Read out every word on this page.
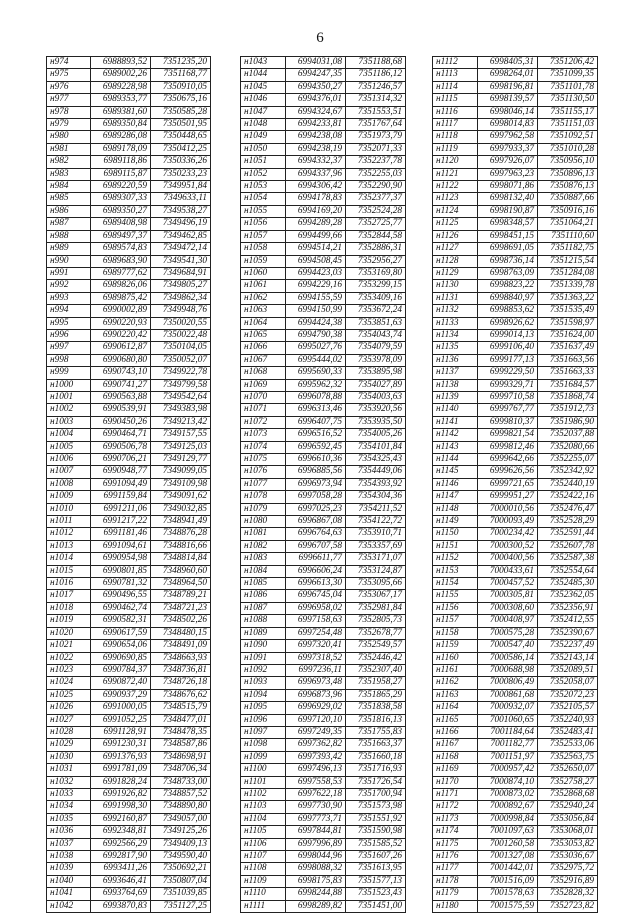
6
н974	6988893,52	7351235,20
н975	6989002,26	7351168,77
н976	6989228,98	7350910,05
н977	6989353,77	7350675,16
н978	6989381,60	7350585,28
н979	6989350,84	7350501,95
н980	6989286,08	7350448,65
н981	6989178,09	7350412,25
н982	6989118,86	7350336,26
н983	6989115,87	7350233,23
н984	6989220,59	7349951,84
н985	6989307,33	7349633,11
н986	6989350,27	7349538,27
н987	6989408,98	7349496,19
н988	6989497,37	7349462,85
н989	6989574,83	7349472,14
н990	6989683,90	7349541,30
н991	6989777,62	7349684,91
н992	6989826,06	7349805,27
н993	6989875,42	7349862,34
н994	6990002,89	7349948,76
н995	6990220,93	7350020,55
н996	6990220,42	7350022,48
н997	6990612,87	7350104,05
н998	6990680,80	7350052,07
н999	6990743,10	7349922,78
н1000	6990741,27	7349799,58
н1001	6990563,88	7349542,64
н1002	6990539,91	7349383,98
н1003	6990450,26	7349213,42
н1004	6990464,71	7349157,55
н1005	6990506,78	7349125,03
н1006	6990706,21	7349129,77
н1007	6990948,77	7349099,05
н1008	6991094,49	7349109,98
н1009	6991159,84	7349091,62
н1010	6991211,06	7349032,85
н1011	6991217,22	7348941,49
н1012	6991181,46	7348876,28
н1013	6991094,61	7348816,66
н1014	6990954,98	7348814,84
н1015	6990801,85	7348960,60
н1016	6990781,32	7348964,50
н1017	6990496,55	7348789,21
н1018	6990462,74	7348721,23
н1019	6990582,31	7348502,26
н1020	6990617,59	7348480,15
н1021	6990654,06	7348491,09
н1022	6990690,85	7348663,93
н1023	6990784,37	7348736,81
н1024	6990872,40	7348726,18
н1025	6990937,29	7348676,62
н1026	6991000,05	7348515,79
н1027	6991052,25	7348477,01
н1028	6991128,91	7348478,35
н1029	6991230,31	7348587,86
н1030	6991376,93	7348698,91
н1031	6991781,09	7348706,34
н1032	6991828,24	7348733,00
н1033	6991926,82	7348857,52
н1034	6991998,30	7348890,80
н1035	6992160,87	7349057,00
н1036	6992348,81	7349125,26
н1037	6992566,29	7349409,13
н1038	6992817,90	7349590,40
н1039	6993411,26	7350692,21
н1040	6993646,41	7350807,04
н1041	6993764,69	7351039,85
н1042	6993870,83	7351127,25
н1043	6994031,08	7351188,68
н1044	6994247,35	7351186,12
н1045	6994350,27	7351246,57
н1046	6994376,01	7351314,32
н1047	6994324,67	7351553,51
н1048	6994233,81	7351767,64
н1049	6994238,08	7351973,79
н1050	6994238,19	7352071,33
н1051	6994332,37	7352237,78
н1052	6994337,96	7352255,03
н1053	6994306,42	7352290,90
н1054	6994178,83	7352377,37
н1055	6994169,20	7352524,28
н1056	6994289,28	7352725,77
н1057	6994499,66	7352844,58
н1058	6994514,21	7352886,31
н1059	6994508,45	7352956,27
н1060	6994423,03	7353169,80
н1061	6994229,16	7353299,15
н1062	6994155,59	7353409,16
н1063	6994150,99	7353672,24
н1064	6994424,38	7353851,63
н1065	6994790,38	7354043,74
н1066	6995027,76	7354079,59
н1067	6995444,02	7353978,09
н1068	6995690,33	7353895,98
н1069	6995962,32	7354027,89
н1070	6996078,88	7354003,63
н1071	6996313,46	7353920,56
н1072	6996407,75	7353935,50
н1073	6996516,52	7354005,26
н1074	6996592,45	7354101,84
н1075	6996610,36	7354325,43
н1076	6996885,56	7354449,06
н1077	6996973,94	7354393,92
н1078	6997058,28	7354304,36
н1079	6997025,23	7354211,52
н1080	6996867,08	7354122,72
н1081	6996764,63	7353910,71
н1082	6996707,58	7353357,69
н1083	6996611,77	7353171,07
н1084	6996606,24	7353124,87
н1085	6996613,30	7353095,66
н1086	6996745,04	7353067,17
н1087	6996958,02	7352981,84
н1088	6997158,63	7352805,73
н1089	6997254,48	7352678,77
н1090	6997320,41	7352549,57
н1091	6997318,52	7352446,42
н1092	6997236,11	7352307,40
н1093	6996973,48	7351958,27
н1094	6996873,96	7351865,29
н1095	6996929,02	7351838,58
н1096	6997120,10	7351816,13
н1097	6997249,35	7351755,83
н1098	6997362,82	7351663,37
н1099	6997393,42	7351660,18
н1100	6997496,13	7351716,93
н1101	6997558,53	7351726,54
н1102	6997622,18	7351700,94
н1103	6997730,90	7351573,98
н1104	6997773,71	7351551,92
н1105	6997844,81	7351590,98
н1106	6997996,89	7351585,52
н1107	6998044,96	7351607,26
н1108	6998088,32	7351613,95
н1109	6998175,83	7351577,13
н1110	6998244,88	7351523,43
н1111	6998289,82	7351451,00
н1112	6998405,31	7351206,42
н1113	6998264,01	7351099,35
н1114	6998196,81	7351101,78
н1115	6998139,57	7351130,50
н1116	6998046,14	7351155,17
н1117	6998014,83	7351151,03
н1118	6997962,58	7351092,51
н1119	6997933,37	7351010,28
н1120	6997926,07	7350956,10
н1121	6997963,23	7350896,13
н1122	6998071,86	7350876,13
н1123	6998132,40	7350887,66
н1124	6998190,87	7350916,16
н1125	6998348,57	7351064,21
н1126	6998451,15	7351110,60
н1127	6998691,05	7351182,75
н1128	6998736,14	7351215,54
н1129	6998763,09	7351284,08
н1130	6998823,22	7351339,78
н1131	6998840,97	7351363,22
н1132	6998853,62	7351535,49
н1133	6998926,62	7351598,97
н1134	6999014,13	7351624,00
н1135	6999106,40	7351637,49
н1136	6999177,13	7351663,56
н1137	6999229,50	7351663,33
н1138	6999329,71	7351684,57
н1139	6999710,58	7351868,74
н1140	6999767,77	7351912,73
н1141	6999810,37	7351986,90
н1142	6999821,54	7352037,88
н1143	6999812,46	7352080,66
н1144	6999642,66	7352255,07
н1145	6999626,56	7352342,92
н1146	6999721,65	7352440,19
н1147	6999951,27	7352422,16
н1148	7000010,56	7352476,47
н1149	7000093,49	7352528,29
н1150	7000234,42	7352591,44
н1151	7000300,52	7352607,78
н1152	7000400,56	7352587,38
н1153	7000433,61	7352554,64
н1154	7000457,52	7352485,30
н1155	7000305,81	7352362,05
н1156	7000308,60	7352356,91
н1157	7000408,97	7352412,55
н1158	7000575,28	7352390,67
н1159	7000547,40	7352237,49
н1160	7000586,14	7352143,14
н1161	7000688,98	7352089,51
н1162	7000806,49	7352058,07
н1163	7000861,68	7352072,23
н1164	7000932,07	7352105,57
н1165	7001060,65	7352240,93
н1166	7001184,64	7352483,41
н1167	7001182,77	7352533,06
н1168	7001151,97	7352563,75
н1169	7000957,42	7352650,07
н1170	7000874,10	7352758,27
н1171	7000873,02	7352868,68
н1172	7000892,67	7352940,24
н1173	7000998,84	7353056,84
н1174	7001097,63	7353068,01
н1175	7001260,58	7353053,82
н1176	7001327,08	7353036,67
н1177	7001442,01	7352975,72
н1178	7001516,09	7352916,89
н1179	7001578,63	7352828,32
н1180	7001575,59	7352723,82
